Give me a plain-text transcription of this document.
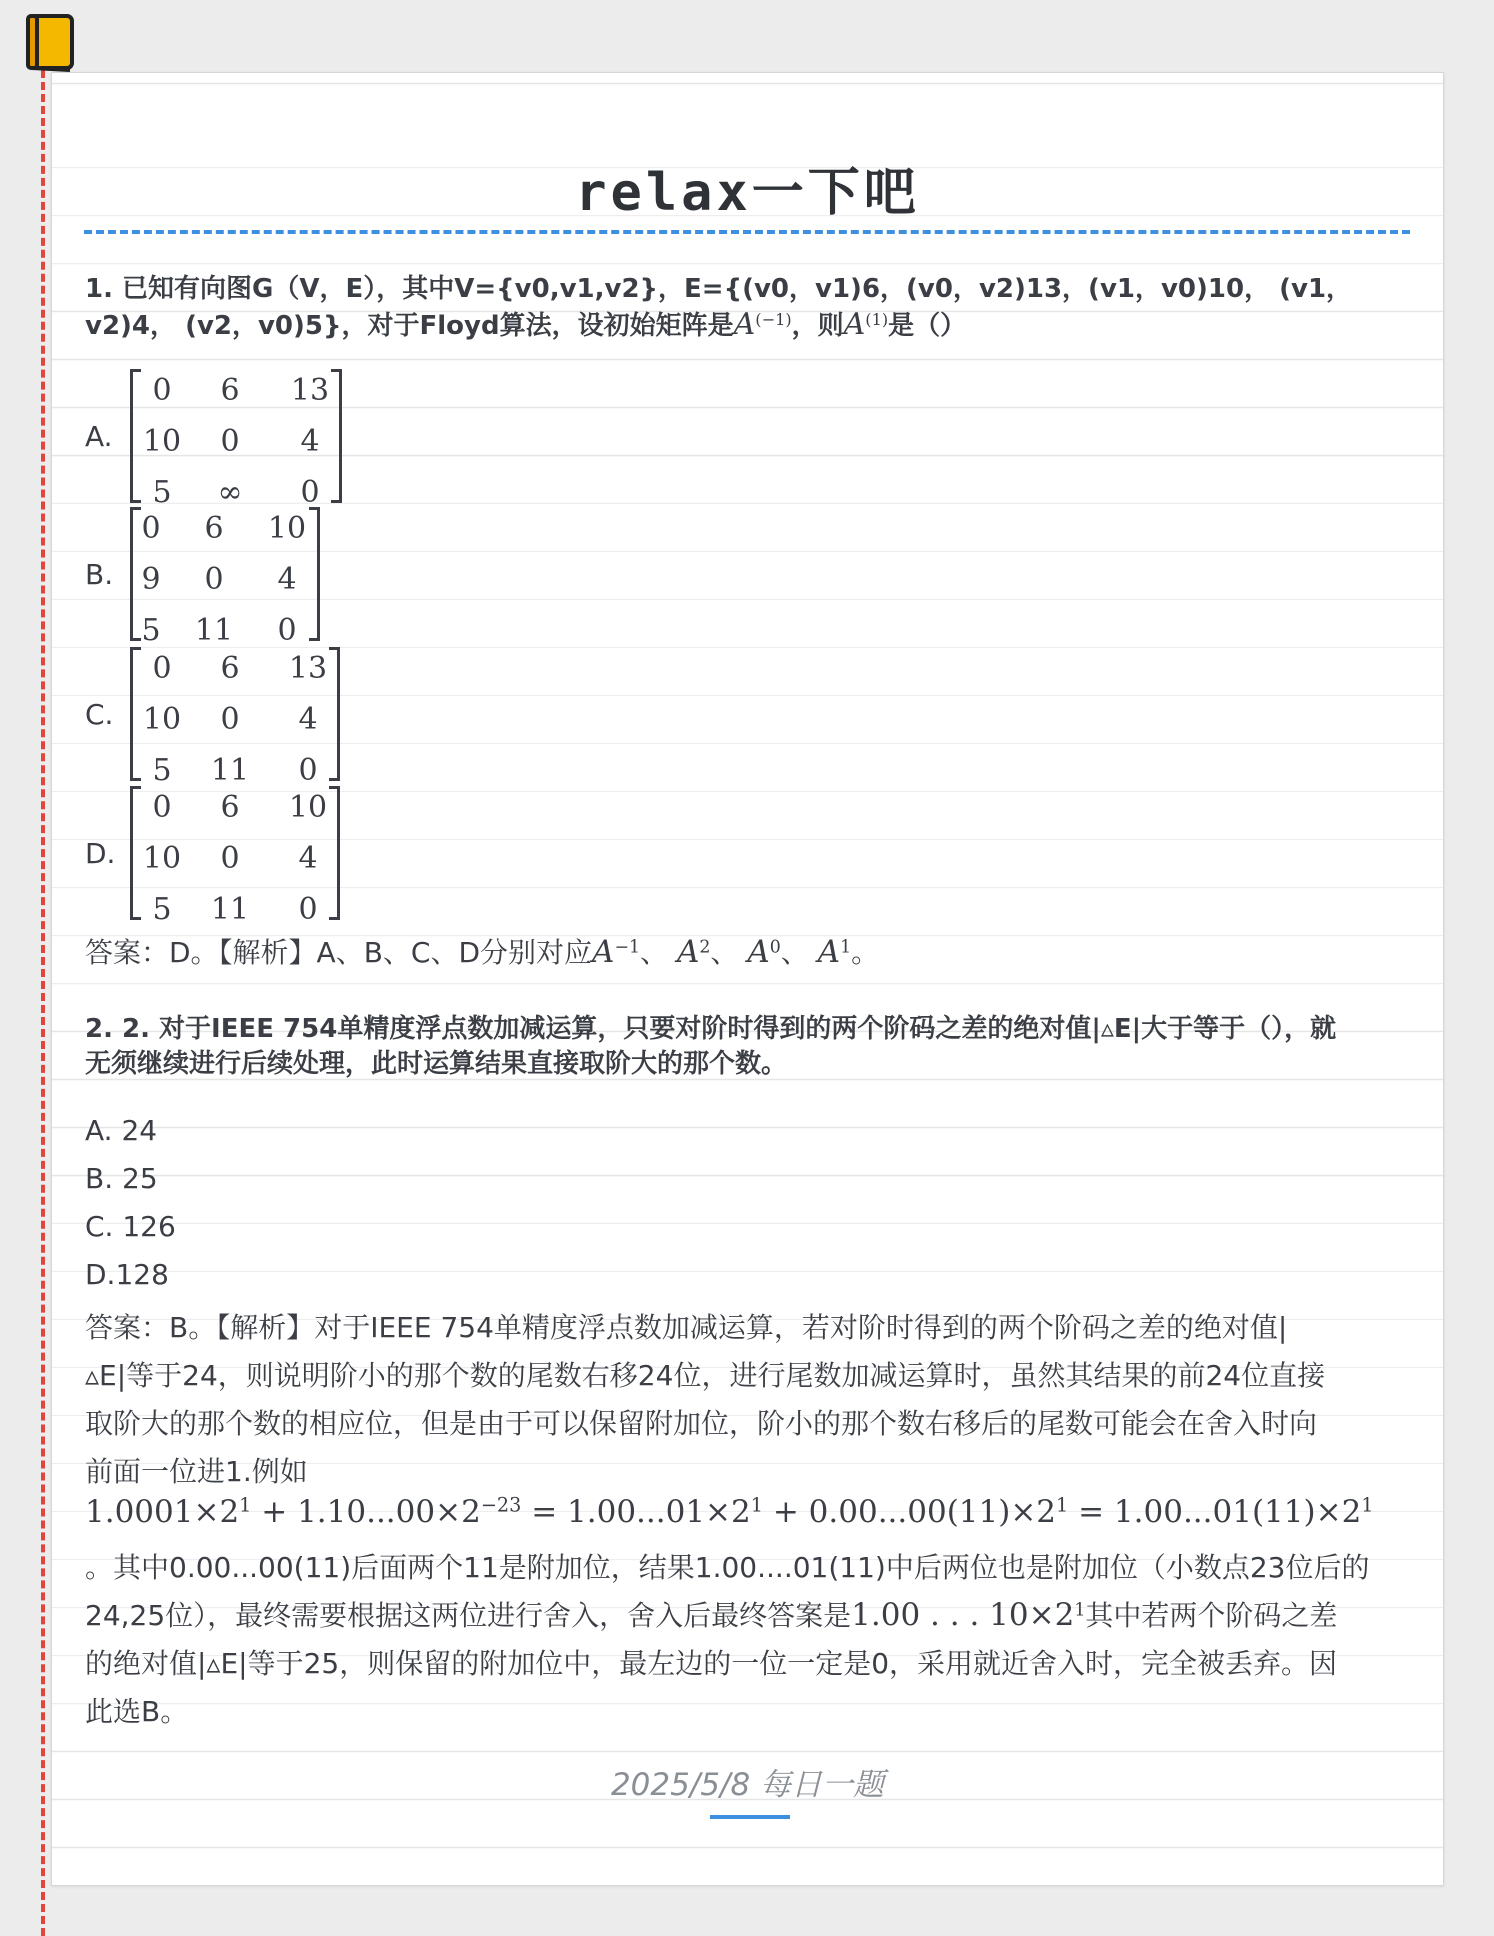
relax一下吧
1. 已知有向图G（V，E），其中V={v0,v1,v2}，E={(v0，v1)6，(v0，v2)13，(v1，v0)10， (v1，
v2)4， (v2，v0)5}，对于Floyd算法，设初始矩阵是$A^{(-1)}$，则$A^{(1)}$是（）
A.
0	6	13
10	0	4
5	∞	0
B.
0	6	10
9	0	4
5	11	0
C.
0	6	13
10	0	4
5	11	0
D.
0	6	10
10	0	4
5	11	0
答案：D。【解析】A、B、C、D分别对应$A^{-1}$、 $A^2$、 $A^0$、 $A^1$。
2. 2. 对于IEEE 754单精度浮点数加减运算，只要对阶时得到的两个阶码之差的绝对值|▵E|大于等于（），就
无须继续进行后续处理，此时运算结果直接取阶大的那个数。
A. 24
B. 25
C. 126
D.128
答案：B。【解析】对于IEEE 754单精度浮点数加减运算，若对阶时得到的两个阶码之差的绝对值|
▵E|等于24，则说明阶小的那个数的尾数右移24位，进行尾数加减运算时，虽然其结果的前24位直接
取阶大的那个数的相应位，但是由于可以保留附加位，阶小的那个数右移后的尾数可能会在舍入时向
前面一位进1.例如
$1.0001\times 2^1 + 1.10...00\times 2^{-23} = 1.00...01\times 2^1 + 0.00...00(11)\times 2^1 = 1.00...01(11)\times 2^1$
。其中0.00...00(11)后面两个11是附加位，结果1.00....01(11)中后两位也是附加位（小数点23位后的
24,25位），最终需要根据这两位进行舍入，舍入后最终答案是1.00 . . . $10\times 2^1$其中若两个阶码之差
的绝对值|▵E|等于25，则保留的附加位中，最左边的一位一定是0，采用就近舍入时，完全被丢弃。因
此选B。
2025/5/8 每日一题
